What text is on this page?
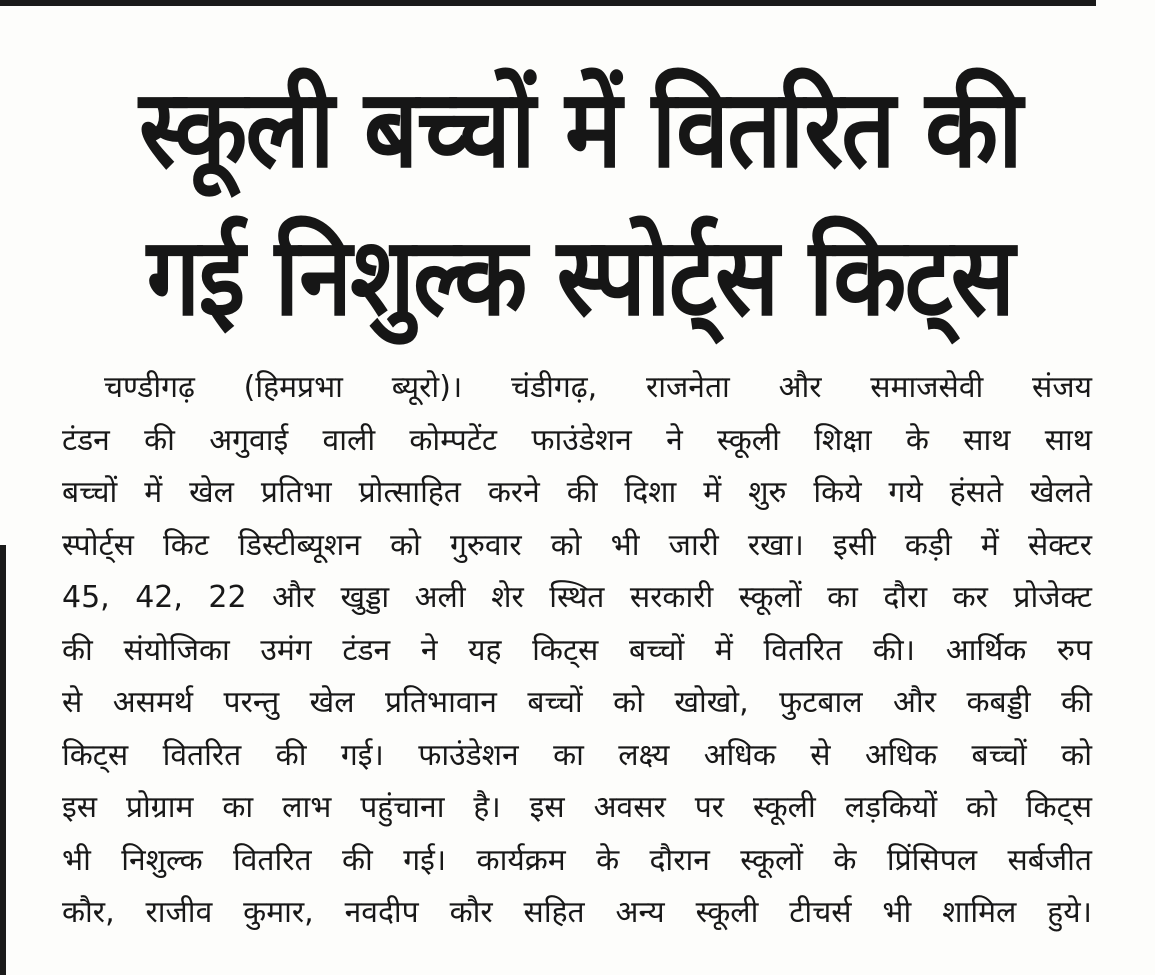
स्कूली बच्चों में वितरित की
गई निशुल्क स्पोर्ट्स किट्स
चण्डीगढ़ (हिमप्रभा ब्यूरो)। चंडीगढ़, राजनेता और समाजसेवी संजय
टंडन की अगुवाई वाली कोम्पटेंट फाउंडेशन ने स्कूली शिक्षा के साथ साथ
बच्चों में खेल प्रतिभा प्रोत्साहित करने की दिशा में शुरु किये गये हंसते खेलते
स्पोर्ट्स किट डिस्टीब्यूशन को गुरुवार को भी जारी रखा। इसी कड़ी में सेक्टर
45, 42, 22 और खुड्डा अली शेर स्थित सरकारी स्कूलों का दौरा कर प्रोजेक्ट
की संयोजिका उमंग टंडन ने यह किट्स बच्चों में वितरित की। आर्थिक रुप
से असमर्थ परन्तु खेल प्रतिभावान बच्चों को खोखो, फुटबाल और कबड्डी की
किट्स वितरित की गई। फाउंडेशन का लक्ष्य अधिक से अधिक बच्चों को
इस प्रोग्राम का लाभ पहुंचाना है। इस अवसर पर स्कूली लड़कियों को किट्स
भी निशुल्क वितरित की गई। कार्यक्रम के दौरान स्कूलों के प्रिंसिपल सर्बजीत
कौर, राजीव कुमार, नवदीप कौर सहित अन्य स्कूली टीचर्स भी शामिल हुये।
